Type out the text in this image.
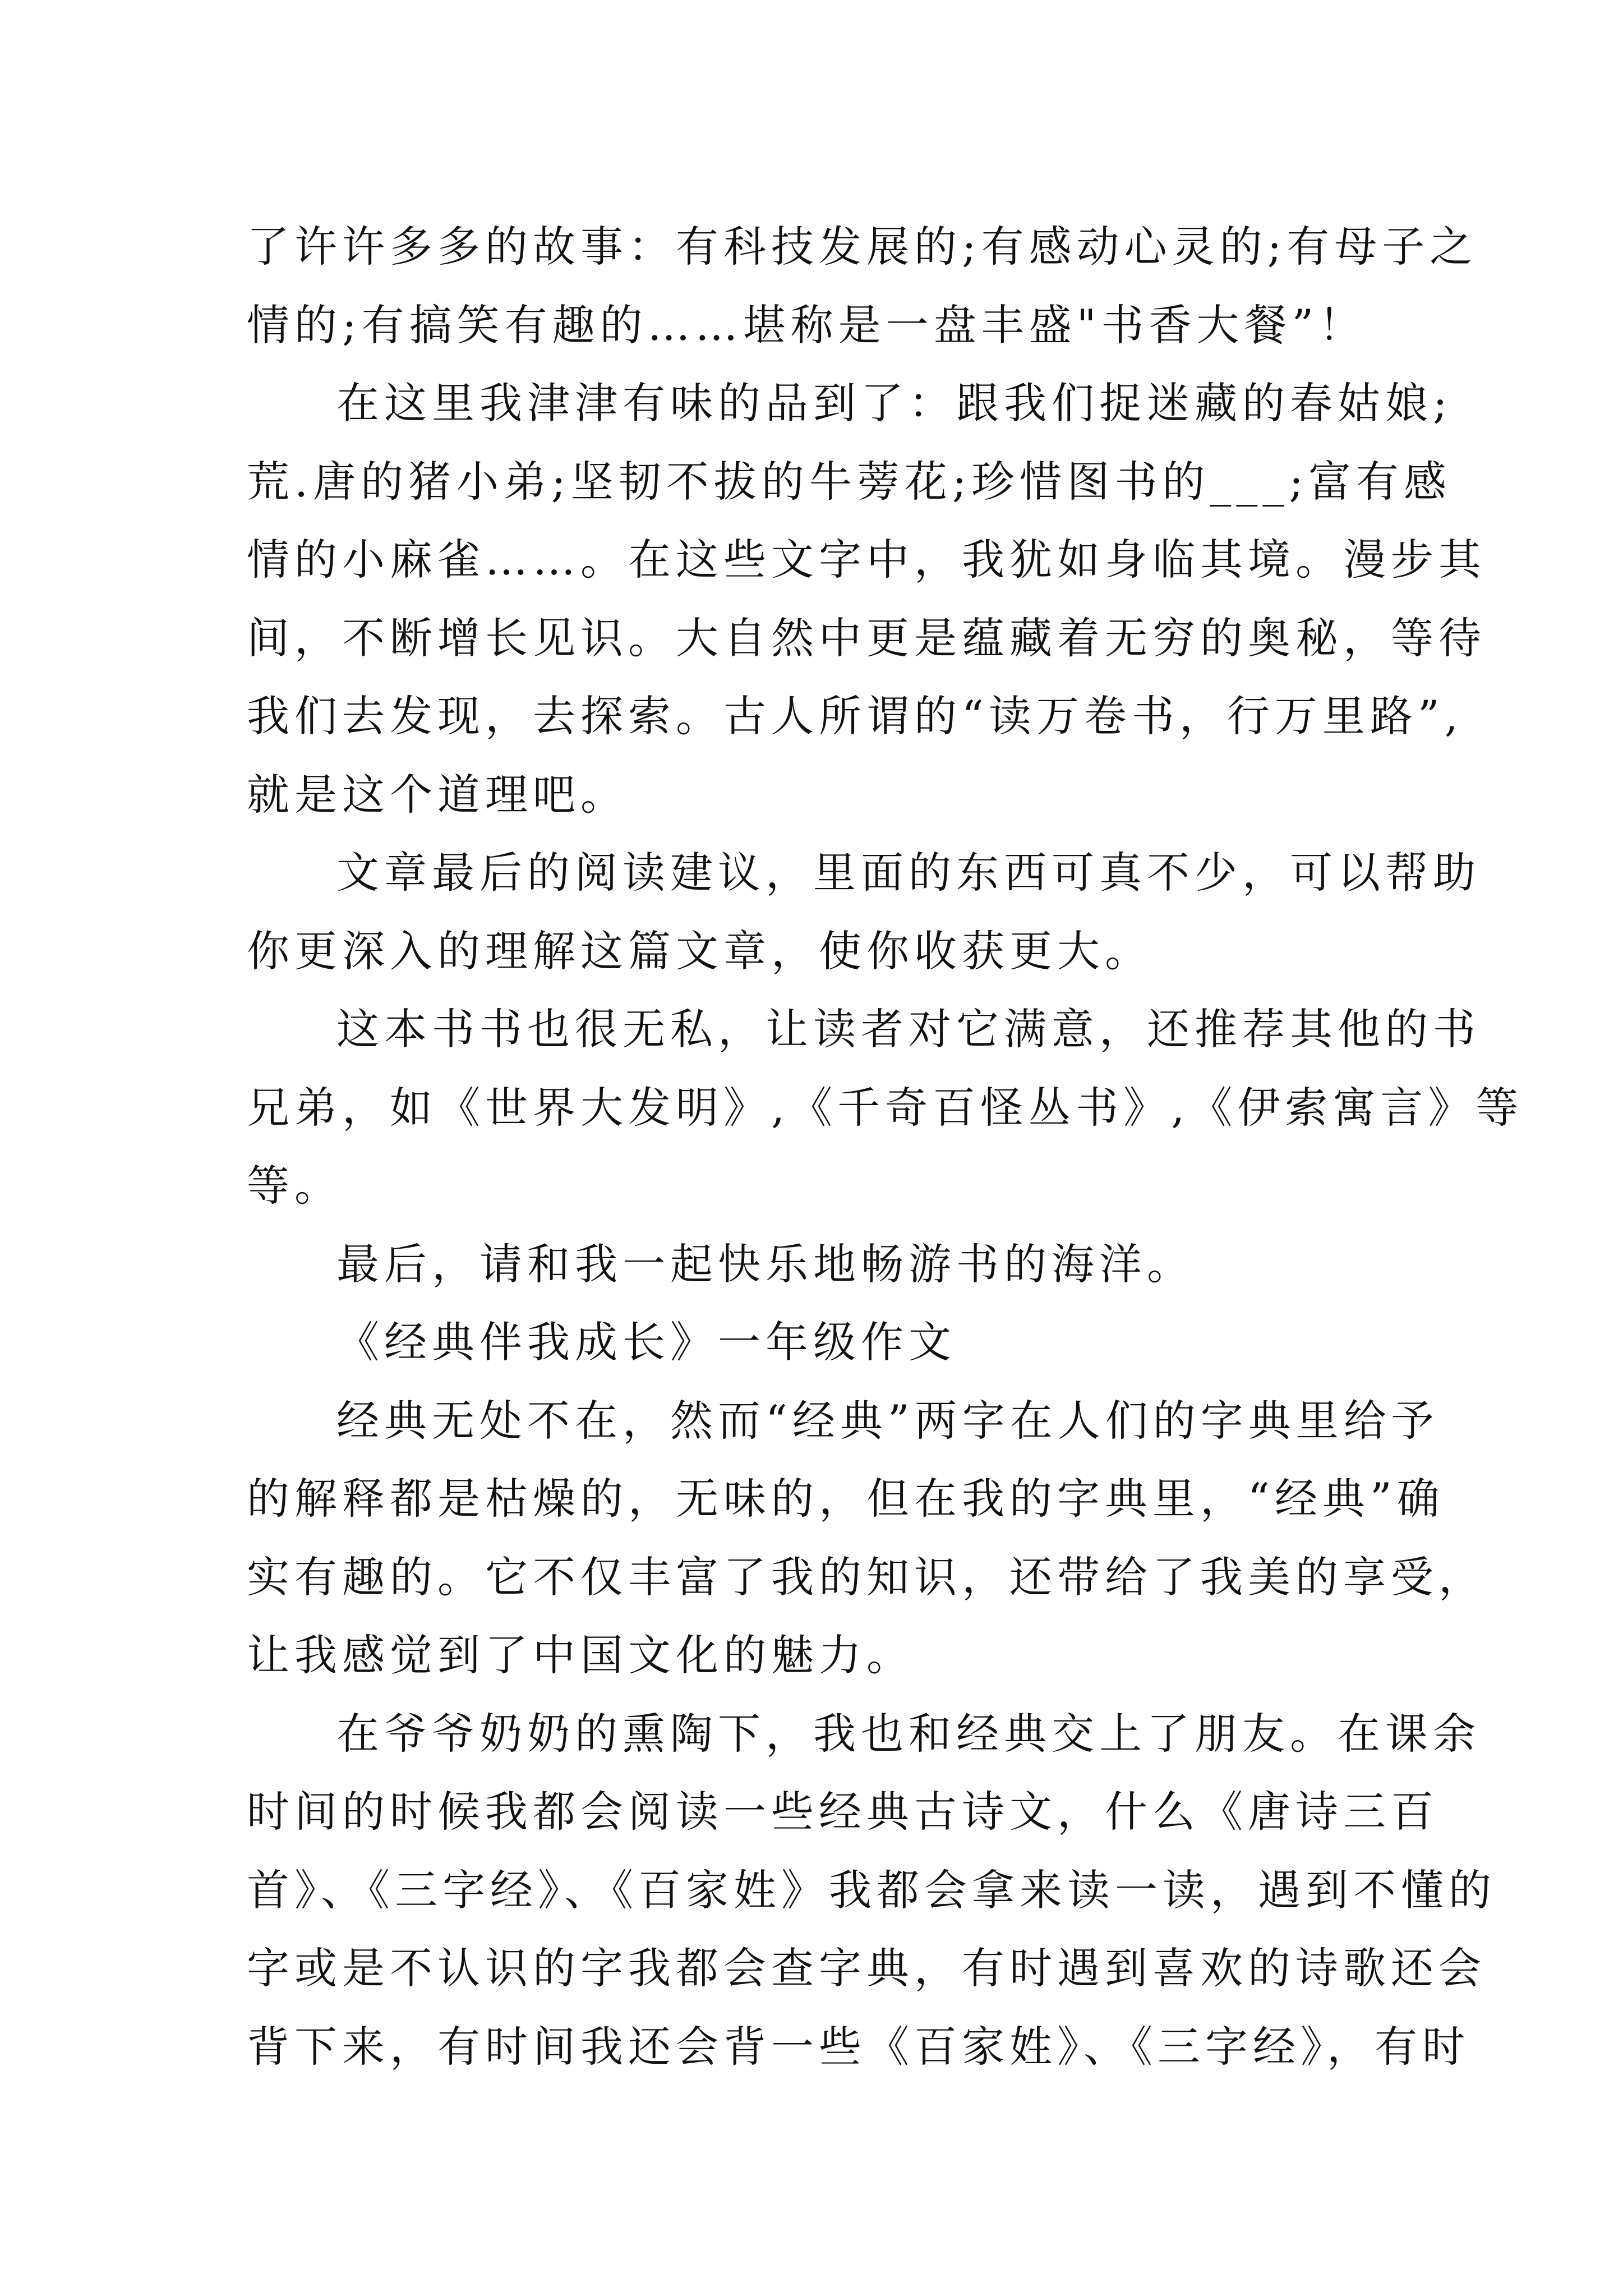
了许许多多的故事：有科技发展的;有感动心灵的;有母子之
情的;有搞笑有趣的……堪称是一盘丰盛"书香大餐”！
在这里我津津有味的品到了：跟我们捉迷藏的春姑娘;
荒.唐的猪小弟;坚韧不拔的牛蒡花;珍惜图书的___;富有感
情的小麻雀……。在这些文字中，我犹如身临其境。漫步其
间，不断增长见识。大自然中更是蕴藏着无穷的奥秘，等待
我们去发现，去探索。古人所谓的“读万卷书，行万里路”,
就是这个道理吧。
文章最后的阅读建议，里面的东西可真不少，可以帮助
你更深入的理解这篇文章，使你收获更大。
这本书书也很无私，让读者对它满意，还推荐其他的书
兄弟，如《世界大发明》,《千奇百怪丛书》,《伊索寓言》等
等。
最后，请和我一起快乐地畅游书的海洋。
《经典伴我成长》一年级作文
经典无处不在，然而“经典”两字在人们的字典里给予
的解释都是枯燥的，无味的，但在我的字典里，“经典”确
实有趣的。它不仅丰富了我的知识，还带给了我美的享受，
让我感觉到了中国文化的魅力。
在爷爷奶奶的熏陶下，我也和经典交上了朋友。在课余
时间的时候我都会阅读一些经典古诗文，什么《唐诗三百
首》、《三字经》、《百家姓》我都会拿来读一读，遇到不懂的
字或是不认识的字我都会查字典，有时遇到喜欢的诗歌还会
背下来，有时间我还会背一些《百家姓》、《三字经》，有时
